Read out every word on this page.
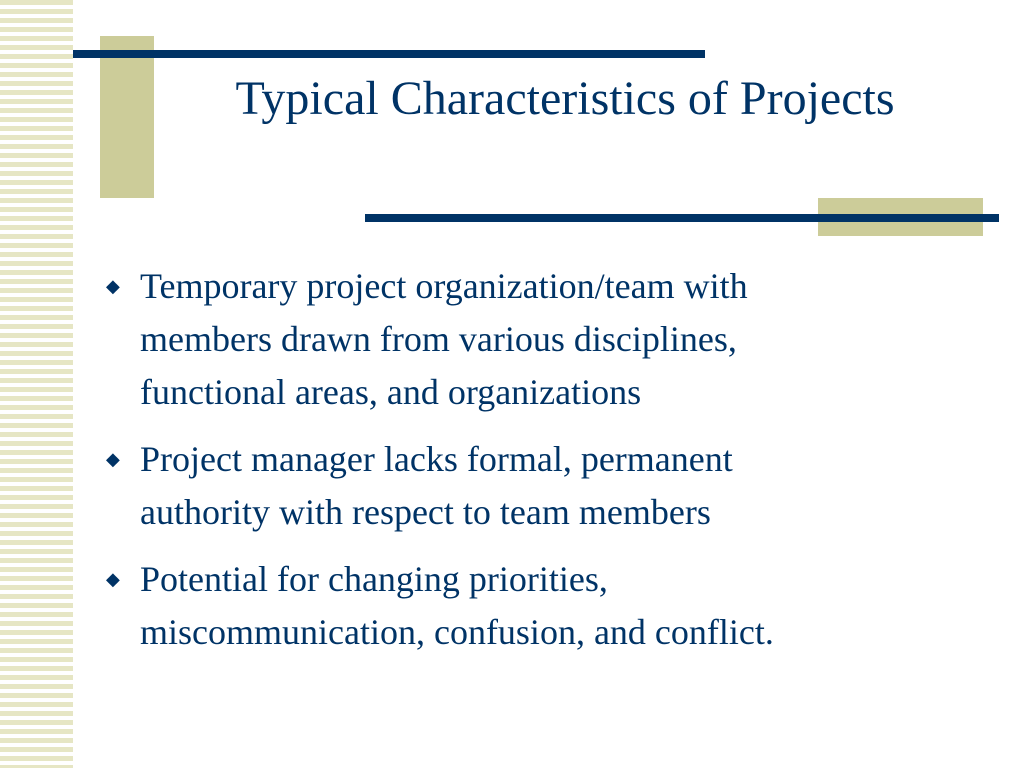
Typical Characteristics of Projects
◆ Temporary project organization/team with
members drawn from various disciplines,
functional areas, and organizations
◆ Project manager lacks formal, permanent
authority with respect to team members
◆ Potential for changing priorities,
miscommunication, confusion, and conflict.
